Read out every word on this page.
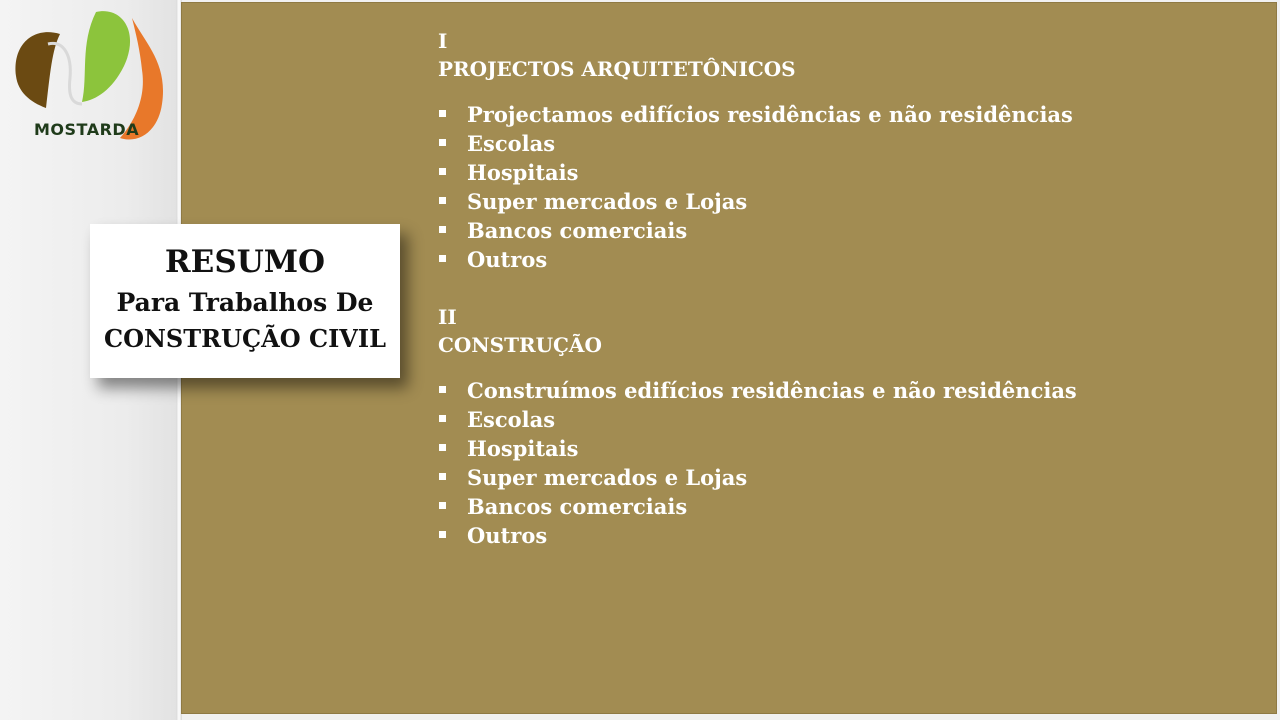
MOSTARDA
RESUMO
Para Trabalhos De
CONSTRUÇÃO CIVIL
I
PROJECTOS ARQUITETÔNICOS
Projectamos edifícios residências e não residências
Escolas
Hospitais
Super mercados e Lojas
Bancos comerciais
Outros
II
CONSTRUÇÃO
Construímos edifícios residências e não residências
Escolas
Hospitais
Super mercados e Lojas
Bancos comerciais
Outros
